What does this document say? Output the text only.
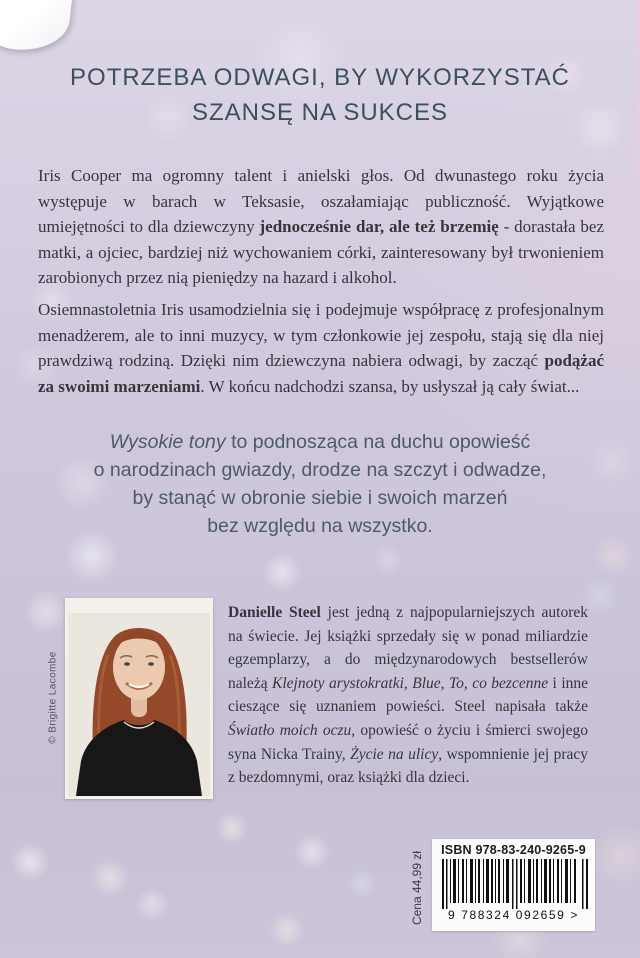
POTRZEBA ODWAGI, BY WYKORZYSTAĆ
SZANSĘ NA SUKCES

Iris Cooper ma ogromny talent i anielski głos. Od dwunastego roku życia występuje w barach w Teksasie, oszałamiając publiczność. Wyjątkowe umiejętności to dla dziewczyny jednocześnie dar, ale też brzemię - dorastała bez matki, a ojciec, bardziej niż wychowaniem córki, zainteresowany był trwonieniem zarobionych przez nią pieniędzy na hazard i alkohol.

Osiemnastoletnia Iris usamodzielnia się i podejmuje współpracę z profesjonalnym menadżerem, ale to inni muzycy, w tym członkowie jej zespołu, stają się dla niej prawdziwą rodziną. Dzięki nim dziewczyna nabiera odwagi, by zacząć podążać za swoimi marzeniami. W końcu nadchodzi szansa, by usłyszał ją cały świat...

Wysokie tony to podnosząca na duchu opowieść
o narodzinach gwiazdy, drodze na szczyt i odwadze,
by stanąć w obronie siebie i swoich marzeń
bez względu na wszystko.
© Brigitte Lacombe

Danielle Steel jest jedną z najpopularniejszych autorek na świecie. Jej książki sprzedały się w ponad miliardzie egzemplarzy, a do międzynarodowych bestsellerów należą Klejnoty arystokratki, Blue, To, co bezcenne i inne cieszące się uznaniem powieści. Steel napisała także Światło moich oczu, opowieść o życiu i śmierci swojego syna Nicka Trainy, Życie na ulicy, wspomnienie jej pracy z bezdomnymi, oraz książki dla dzieci.

Cena 44,99 zł
ISBN 978-83-240-9265-9
9 788324 092659 >
